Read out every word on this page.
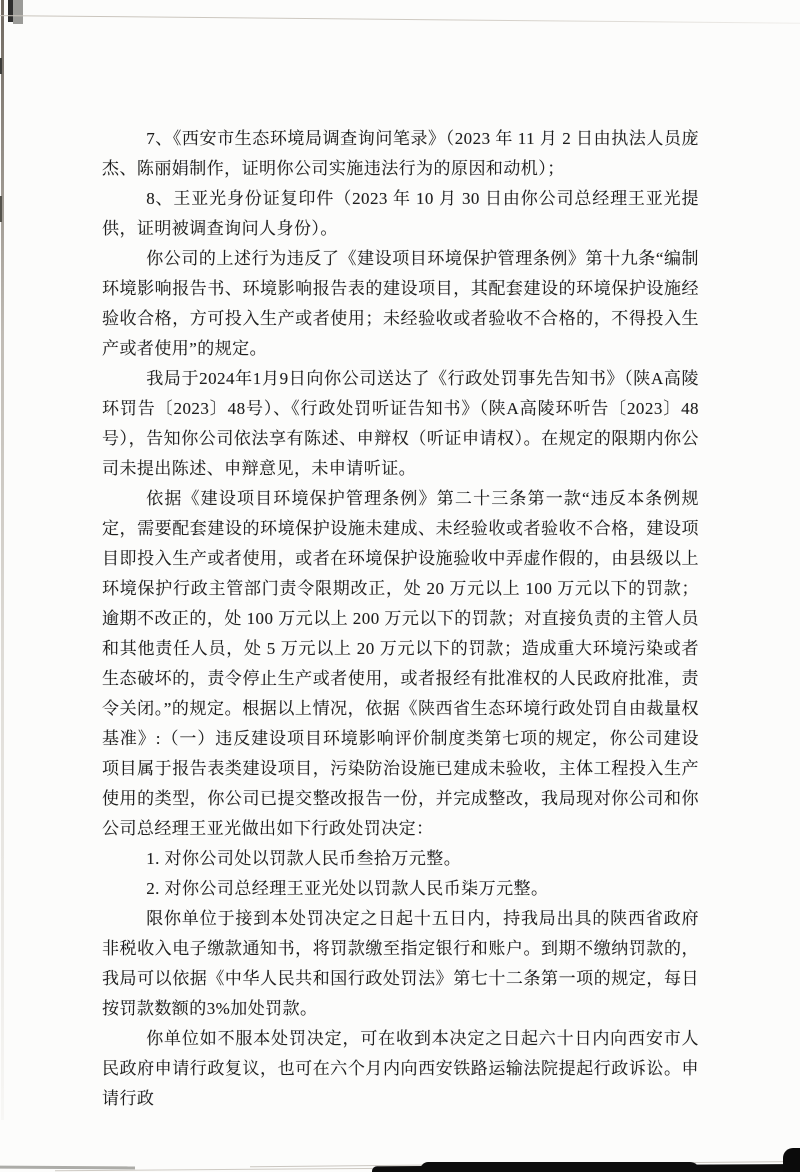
7、《西安市生态环境局调查询问笔录》（2023 年 11 月 2 日由执法人员庞杰、陈丽娟制作，证明你公司实施违法行为的原因和动机）；

8、王亚光身份证复印件（2023 年 10 月 30 日由你公司总经理王亚光提供，证明被调查询问人身份）。

你公司的上述行为违反了《建设项目环境保护管理条例》第十九条“编制环境影响报告书、环境影响报告表的建设项目，其配套建设的环境保护设施经验收合格，方可投入生产或者使用；未经验收或者验收不合格的，不得投入生产或者使用”的规定。

我局于2024年1月9日向你公司送达了《行政处罚事先告知书》（陕A高陵环罚告〔2023〕48号）、《行政处罚听证告知书》（陕A高陵环听告〔2023〕48号），告知你公司依法享有陈述、申辩权（听证申请权）。在规定的限期内你公司未提出陈述、申辩意见，未申请听证。

依据《建设项目环境保护管理条例》第二十三条第一款“违反本条例规定，需要配套建设的环境保护设施未建成、未经验收或者验收不合格，建设项目即投入生产或者使用，或者在环境保护设施验收中弄虚作假的，由县级以上环境保护行政主管部门责令限期改正，处 20 万元以上 100 万元以下的罚款；逾期不改正的，处 100 万元以上 200 万元以下的罚款；对直接负责的主管人员和其他责任人员，处 5 万元以上 20 万元以下的罚款；造成重大环境污染或者生态破坏的，责令停止生产或者使用，或者报经有批准权的人民政府批准，责令关闭。”的规定。根据以上情况，依据《陕西省生态环境行政处罚自由裁量权基准》:（一）违反建设项目环境影响评价制度类第七项的规定，你公司建设项目属于报告表类建设项目，污染防治设施已建成未验收，主体工程投入生产使用的类型，你公司已提交整改报告一份，并完成整改，我局现对你公司和你公司总经理王亚光做出如下行政处罚决定：

1. 对你公司处以罚款人民币叁拾万元整。

2. 对你公司总经理王亚光处以罚款人民币柒万元整。

限你单位于接到本处罚决定之日起十五日内，持我局出具的陕西省政府非税收入电子缴款通知书，将罚款缴至指定银行和账户。到期不缴纳罚款的，我局可以依据《中华人民共和国行政处罚法》第七十二条第一项的规定，每日按罚款数额的3%加处罚款。

你单位如不服本处罚决定，可在收到本决定之日起六十日内向西安市人民政府申请行政复议，也可在六个月内向西安铁路运输法院提起行政诉讼。申请行政
